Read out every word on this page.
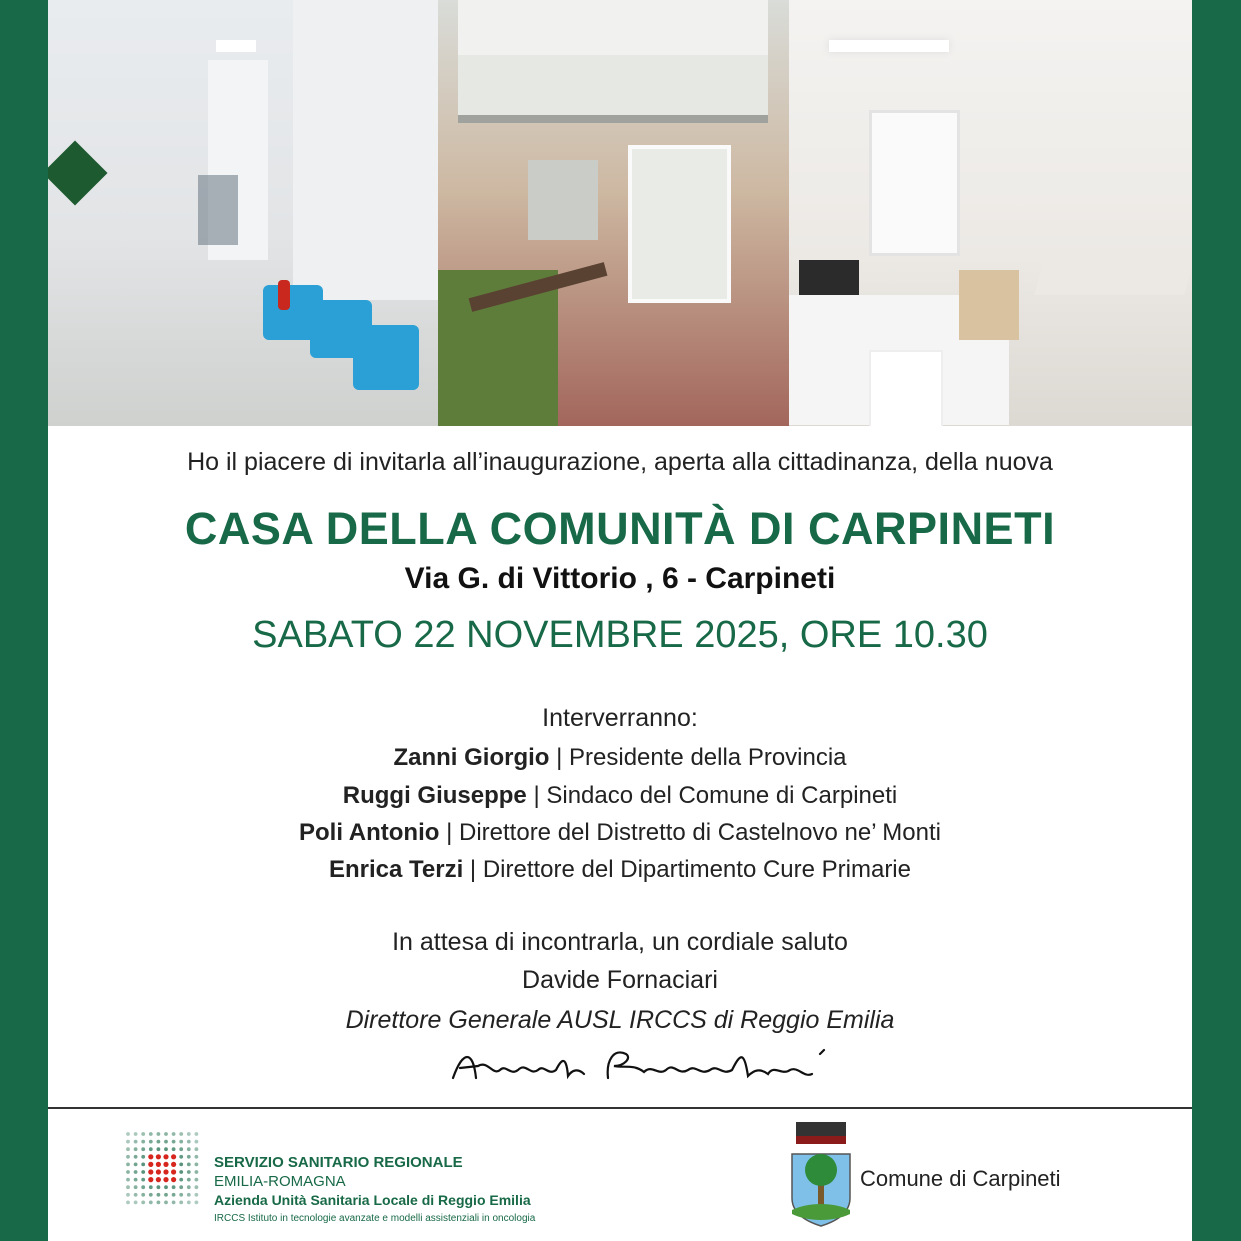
Ho il piacere di invitarla all’inaugurazione, aperta alla cittadinanza, della nuova
CASA DELLA COMUNITÀ DI CARPINETI
Via G. di Vittorio , 6 - Carpineti
SABATO 22 NOVEMBRE 2025, ORE 10.30
Interverranno:
Zanni Giorgio | Presidente della Provincia
Ruggi Giuseppe | Sindaco del Comune di Carpineti
Poli Antonio | Direttore del Distretto di Castelnovo ne’ Monti
Enrica Terzi | Direttore del Dipartimento Cure Primarie
In attesa di incontrarla, un cordiale saluto
Davide Fornaciari
Direttore Generale AUSL IRCCS di Reggio Emilia
SERVIZIO SANITARIO REGIONALE
EMILIA-ROMAGNA
Azienda Unità Sanitaria Locale di Reggio Emilia
IRCCS Istituto in tecnologie avanzate e modelli assistenziali in oncologia
Comune di Carpineti
